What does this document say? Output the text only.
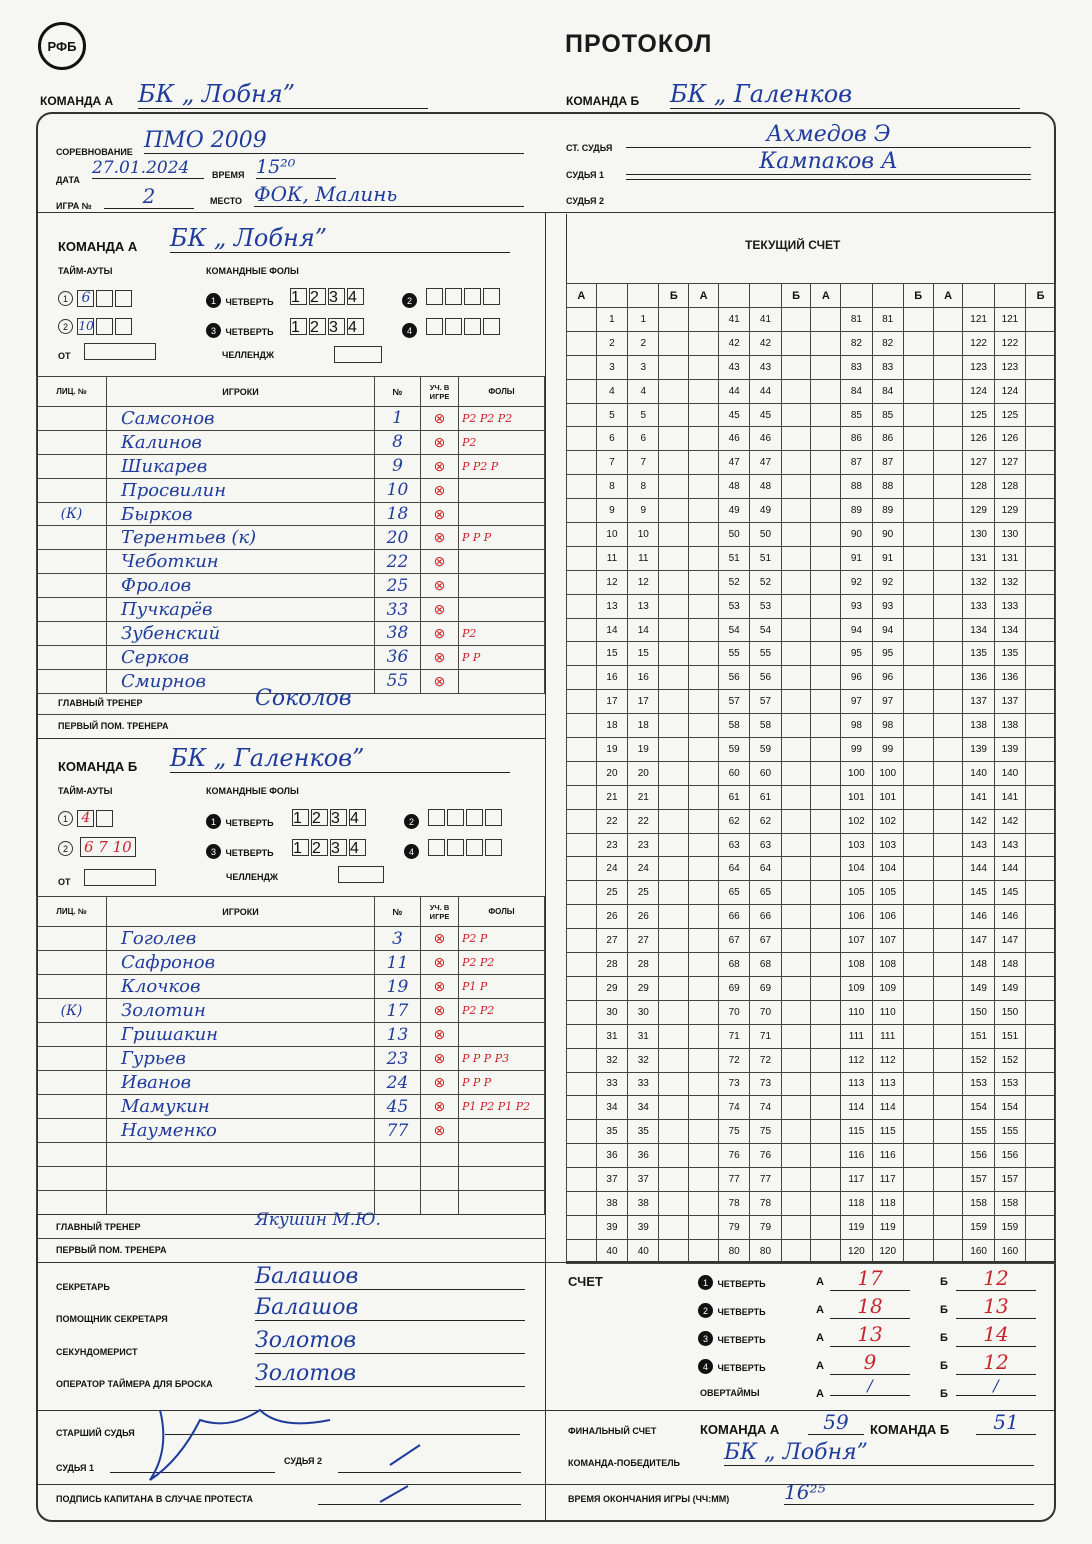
РФБ	ПРОТОКОЛ
КОМАНДА А БК „ Лобня”	КОМАНДА Б БК „ Галенков
СОРЕВНОВАНИЕ ПМО 2009
ДАТА
27.01.2024	ВРЕМЯ 15²⁰
ИГРА №	2	МЕСТО ФОК, Малинь
СТ. СУДЬЯ
Ахмедов Э
СУДЬЯ 1
Кампаков А
СУДЬЯ 2
КОМАНДА А БК „ Лобня”
ТАЙМ-АУТЫ	КОМАНДНЫЕ ФОЛЫ
1 6
2 10
ОТ
1 ЧЕТВЕРТЬ 1 2 3 4
3 ЧЕТВЕРТЬ 1 2 3 4
2
4
ЧЕЛЛЕНДЖ
ЛИЦ. №	ИГРОКИ	№	УЧ. В ИГРЕ	ФОЛЫ
	Самсонов	1	⊗	P2 P2 P2
	Калинов	8	⊗	P2
	Шикарев	9	⊗	P P2 P
	Просвилин	10	⊗	
(К)	Бырков	18	⊗	
	Терентьев (к)	20	⊗	P P P
	Чеботкин	22	⊗	
	Фролов	25	⊗	
	Пучкарёв	33	⊗	
	Зубенский	38	⊗	P2
	Серков	36	⊗	P P
	Смирнов	55	⊗	
ГЛАВНЫЙ ТРЕНЕР	Соколов
ПЕРВЫЙ ПОМ. ТРЕНЕРА
КОМАНДА Б БК „ Галенков”
ТАЙМ-АУТЫ	КОМАНДНЫЕ ФОЛЫ
1 4
2 6 7 10
ОТ
1 ЧЕТВЕРТЬ 1 2 3 4
3 ЧЕТВЕРТЬ 1 2 3 4
2
4
ЧЕЛЛЕНДЖ
ЛИЦ. №	ИГРОКИ	№	УЧ. В ИГРЕ	ФОЛЫ
	Гоголев	3	⊗	P2 P
	Сафронов	11	⊗	P2 P2
	Клочков	19	⊗	P1 P
(К)	Золотин	17	⊗	P2 P2
	Гришакин	13	⊗	
	Гурьев	23	⊗	P P P P3
	Иванов	24	⊗	P P P
	Мамукин	45	⊗	P1 P2 P1 P2
	Науменко	77	⊗	

ГЛАВНЫЙ ТРЕНЕР	Якушин М.Ю.
ПЕРВЫЙ ПОМ. ТРЕНЕРА
ТЕКУЩИЙ СЧЕТ
А			Б	А			Б	А			Б	А			Б
	1	1			41	41			81	81			121	121	
	2	2			42	42			82	82			122	122	
	3	3			43	43			83	83			123	123	
	4	4			44	44			84	84			124	124	
	5	5			45	45			85	85			125	125	
	6	6			46	46			86	86			126	126	
	7	7			47	47			87	87			127	127	
	8	8			48	48			88	88			128	128	
	9	9			49	49			89	89			129	129	
	10	10			50	50			90	90			130	130	
	11	11			51	51			91	91			131	131	
	12	12			52	52			92	92			132	132	
	13	13			53	53			93	93			133	133	
	14	14			54	54			94	94			134	134	
	15	15			55	55			95	95			135	135	
	16	16			56	56			96	96			136	136	
	17	17			57	57			97	97			137	137	
	18	18			58	58			98	98			138	138	
	19	19			59	59			99	99			139	139	
	20	20			60	60			100	100			140	140	
	21	21			61	61			101	101			141	141	
	22	22			62	62			102	102			142	142	
	23	23			63	63			103	103			143	143	
	24	24			64	64			104	104			144	144	
	25	25			65	65			105	105			145	145	
	26	26			66	66			106	106			146	146	
	27	27			67	67			107	107			147	147	
	28	28			68	68			108	108			148	148	
	29	29			69	69			109	109			149	149	
	30	30			70	70			110	110			150	150	
	31	31			71	71			111	111			151	151	
	32	32			72	72			112	112			152	152	
	33	33			73	73			113	113			153	153	
	34	34			74	74			114	114			154	154	
	35	35			75	75			115	115			155	155	
	36	36			76	76			116	116			156	156	
	37	37			77	77			117	117			157	157	
	38	38			78	78			118	118			158	158	
	39	39			79	79			119	119			159	159	
	40	40			80	80			120	120			160	160	
СЕКРЕТАРЬ	Балашов
ПОМОЩНИК СЕКРЕТАРЯ	Балашов
СЕКУНДОМЕРИСТ	Золотов
ОПЕРАТОР ТАЙМЕРА ДЛЯ БРОСКА Золотов
СТАРШИЙ СУДЬЯ
СУДЬЯ 1
СУДЬЯ 2
ПОДПИСЬ КАПИТАНА В СЛУЧАЕ ПРОТЕСТА
СЧЕТ	1 ЧЕТВЕРТЬ	А	17	Б	12
2 ЧЕТВЕРТЬ	А	18	Б	13
3 ЧЕТВЕРТЬ	А	13	Б	14
4 ЧЕТВЕРТЬ	А	9	Б	12
ОВЕРТАЙМЫ	А	/	Б	/
ФИНАЛЬНЫЙ СЧЕТ	КОМАНДА А	59	КОМАНДА Б	51
КОМАНДА-ПОБЕДИТЕЛЬ БК „ Лобня”
ВРЕМЯ ОКОНЧАНИЯ ИГРЫ (ЧЧ:ММ)	16²⁵
